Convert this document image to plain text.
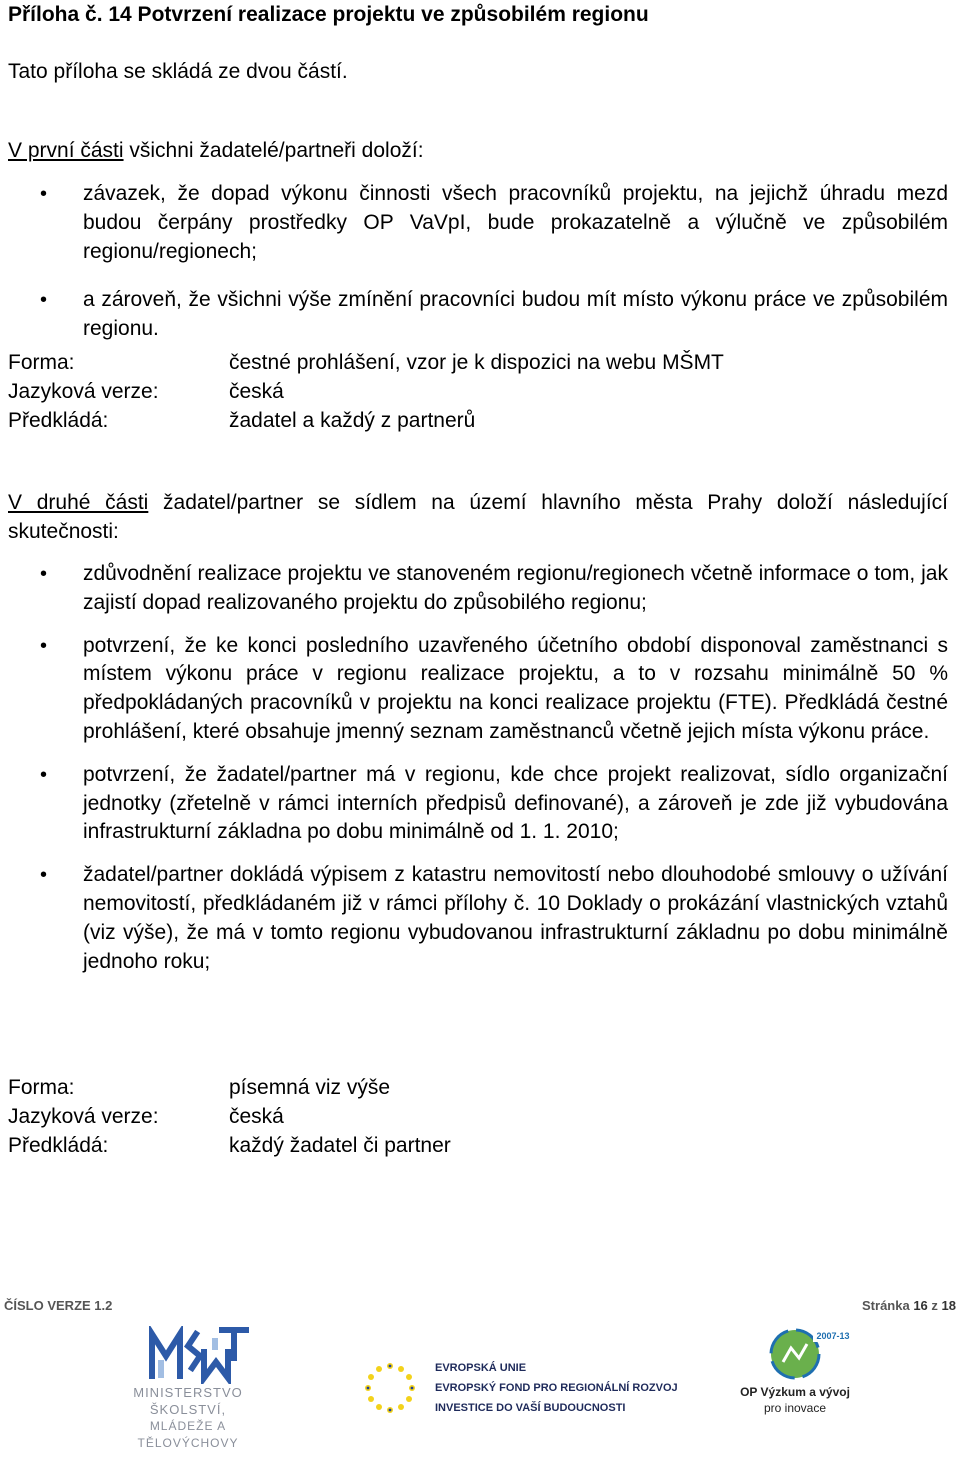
Příloha č. 14 Potvrzení realizace projektu ve způsobilém regionu
Tato příloha se skládá ze dvou částí.
V první části všichni žadatelé/partneři doloží:
• závazek, že dopad výkonu činnosti všech pracovníků projektu, na jejichž úhradu mezd budou čerpány prostředky OP VaVpI, bude prokazatelně a výlučně ve způsobilém regionu/regionech;
• a zároveň, že všichni výše zmínění pracovníci budou mít místo výkonu práce ve způsobilém regionu.
Forma:	čestné prohlášení, vzor je k dispozici na webu MŠMT
Jazyková verze:	česká
Předkládá:	žadatel a každý z partnerů
V druhé části žadatel/partner se sídlem na území hlavního města Prahy doloží následující skutečnosti:
• zdůvodnění realizace projektu ve stanoveném regionu/regionech včetně informace o tom, jak zajistí dopad realizovaného projektu do způsobilého regionu;
• potvrzení, že ke konci posledního uzavřeného účetního období disponoval zaměstnanci s místem výkonu práce v regionu realizace projektu, a to v rozsahu minimálně 50 % předpokládaných pracovníků v projektu na konci realizace projektu (FTE). Předkládá čestné prohlášení, které obsahuje jmenný seznam zaměstnanců včetně jejich místa výkonu práce.
• potvrzení, že žadatel/partner má v regionu, kde chce projekt realizovat, sídlo organizační jednotky (zřetelně v rámci interních předpisů definované), a zároveň je zde již vybudována infrastrukturní základna po dobu minimálně od 1. 1. 2010;
• žadatel/partner dokládá výpisem z katastru nemovitostí nebo dlouhodobé smlouvy o užívání nemovitostí, předkládaném již v rámci přílohy č. 10 Doklady o prokázání vlastnických vztahů (viz výše), že má v tomto regionu vybudovanou infrastrukturní základnu po dobu minimálně jednoho roku;
Forma:	písemná viz výše
Jazyková verze:	česká
Předkládá:	každý žadatel či partner
ČÍSLO VERZE 1.2	Stránka 16 z 18
MINISTERSTVO ŠKOLSTVÍ,
MLÁDEŽE A TĚLOVÝCHOVY
EVROPSKÁ UNIE
EVROPSKÝ FOND PRO REGIONÁLNÍ ROZVOJ
INVESTICE DO VAŠÍ BUDOUCNOSTI
2007-13
OP Výzkum a vývoj
pro inovace
